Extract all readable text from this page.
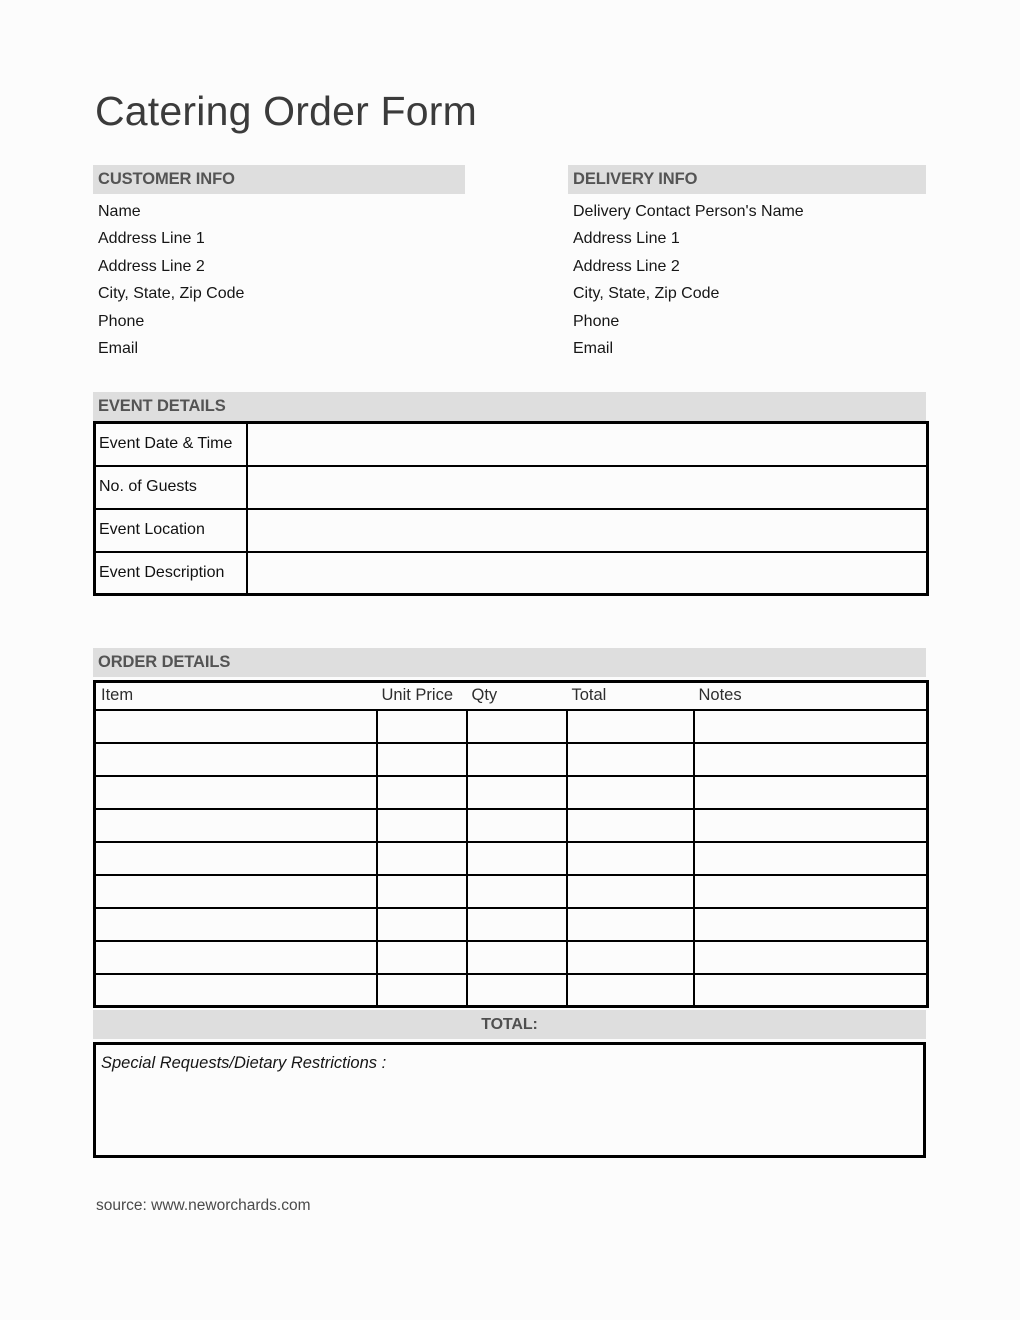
Catering Order Form
CUSTOMER INFO
Name
Address Line 1
Address Line 2
City, State, Zip Code
Phone
Email
DELIVERY INFO
Delivery Contact Person's Name
Address Line 1
Address Line 2
City, State, Zip Code
Phone
Email
EVENT DETAILS
Event Date & Time	
No. of Guests	
Event Location	
Event Description	
ORDER DETAILS
Item	Unit Price	Qty	Total	Notes

TOTAL:
Special Requests/Dietary Restrictions :
source: www.neworchards.com
